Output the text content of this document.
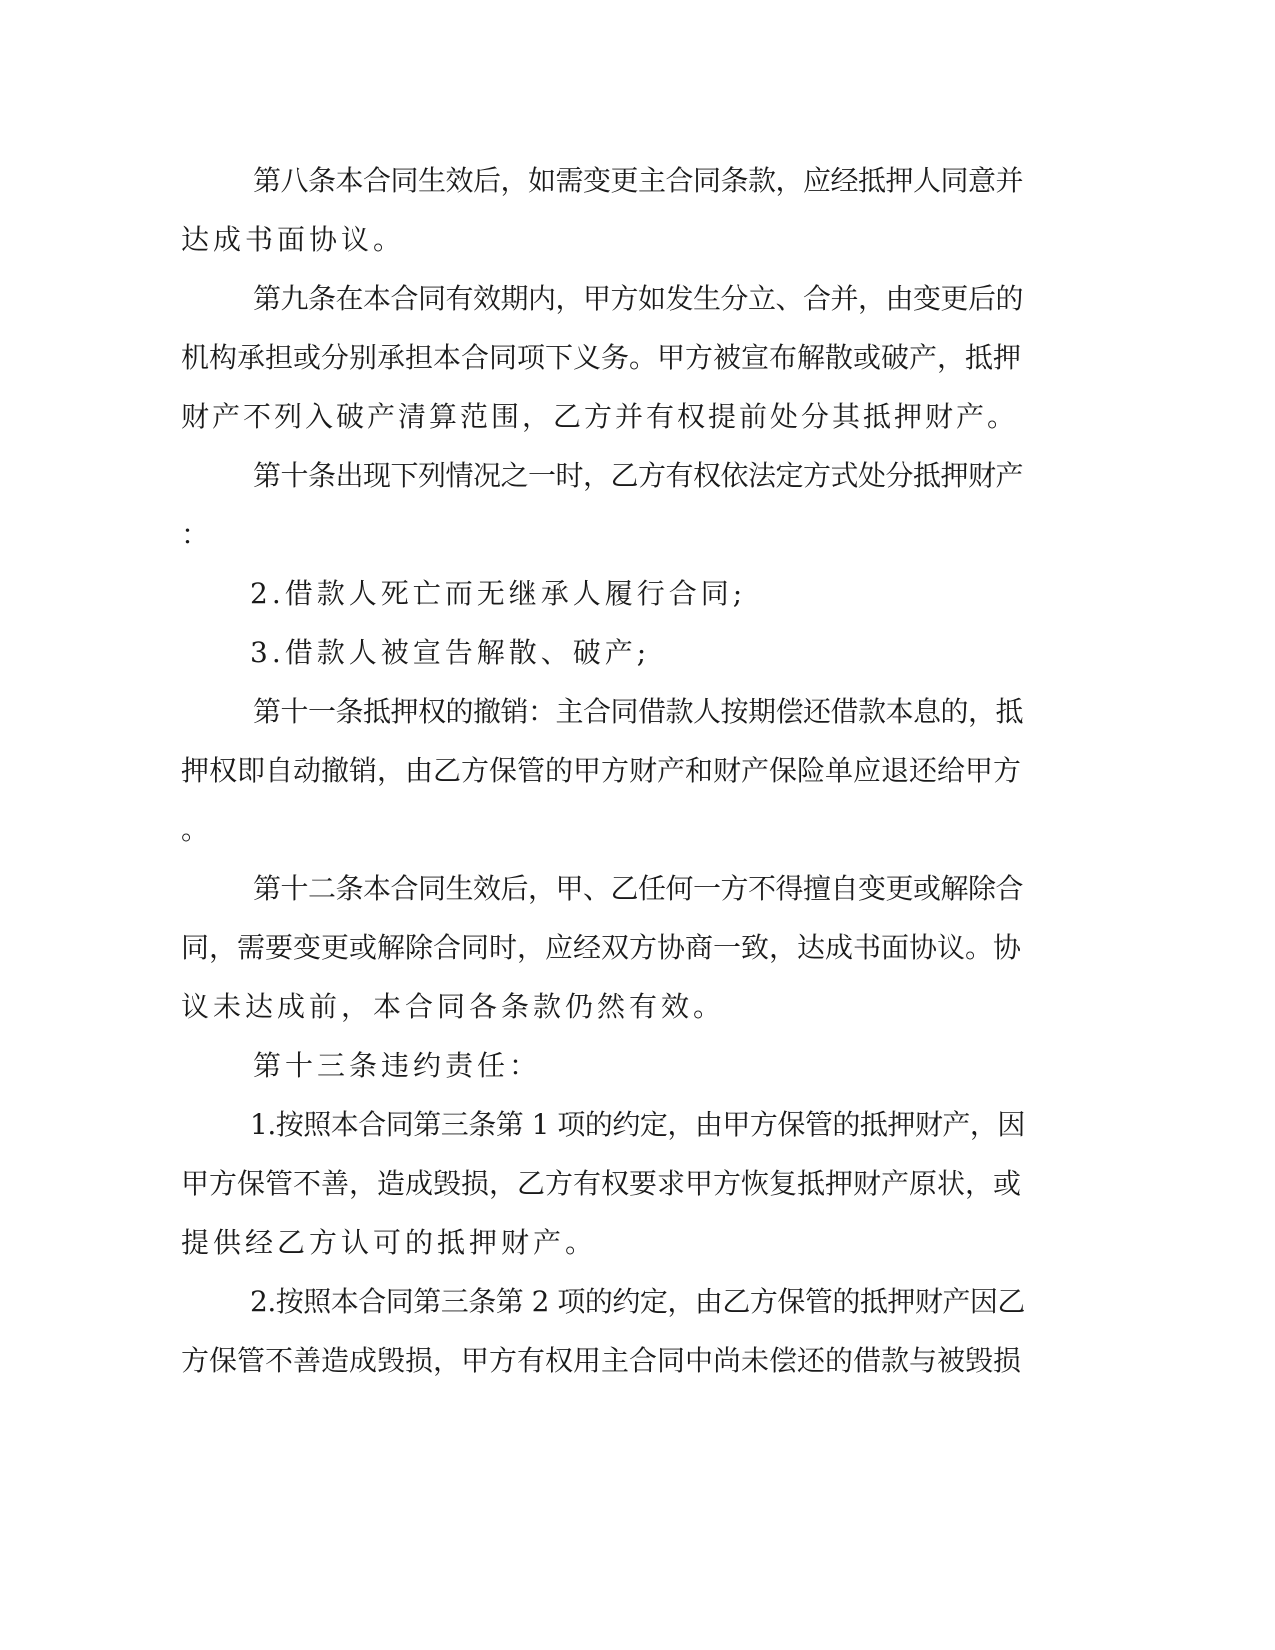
第八条本合同生效后，如需变更主合同条款，应经抵押人同意并
达成书面协议。
第九条在本合同有效期内，甲方如发生分立、合并，由变更后的
机构承担或分别承担本合同项下义务。甲方被宣布解散或破产，抵押
财产不列入破产清算范围，乙方并有权提前处分其抵押财产。
第十条出现下列情况之一时，乙方有权依法定方式处分抵押财产
：
2.借款人死亡而无继承人履行合同;
3.借款人被宣告解散、破产;
第十一条抵押权的撤销：主合同借款人按期偿还借款本息的，抵
押权即自动撤销，由乙方保管的甲方财产和财产保险单应退还给甲方
。
第十二条本合同生效后，甲、乙任何一方不得擅自变更或解除合
同，需要变更或解除合同时，应经双方协商一致，达成书面协议。协
议未达成前，本合同各条款仍然有效。
第十三条违约责任：
1.按照本合同第三条第 1 项的约定，由甲方保管的抵押财产，因
甲方保管不善，造成毁损，乙方有权要求甲方恢复抵押财产原状，或
提供经乙方认可的抵押财产。
2.按照本合同第三条第 2 项的约定，由乙方保管的抵押财产因乙
方保管不善造成毁损，甲方有权用主合同中尚未偿还的借款与被毁损
